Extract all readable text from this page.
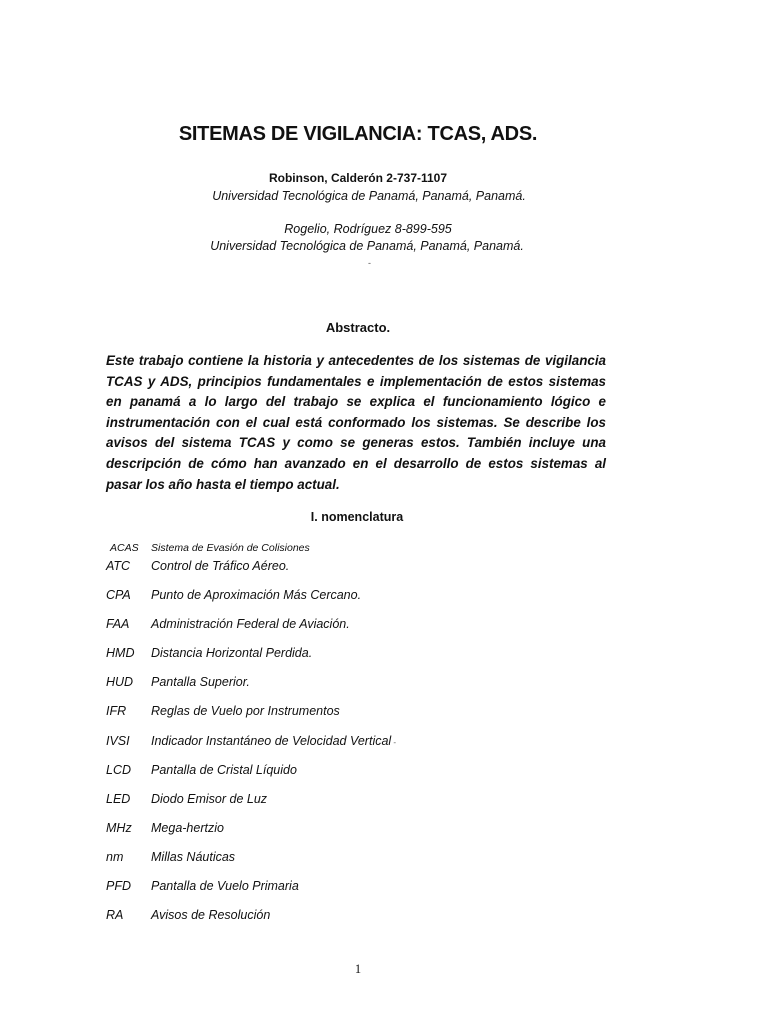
SITEMAS DE VIGILANCIA: TCAS, ADS.
Robinson, Calderón 2-737-1107
Universidad Tecnológica de Panamá, Panamá, Panamá.
Rogelio, Rodríguez 8-899-595
Universidad Tecnológica de Panamá, Panamá, Panamá.
-
Abstracto.
Este trabajo contiene la historia y antecedentes de los sistemas de vigilancia TCAS y ADS, principios fundamentales e implementación de estos sistemas en panamá a lo largo del trabajo se explica el funcionamiento lógico e instrumentación con el cual está conformado los sistemas. Se describe los avisos del sistema TCAS y como se generas estos. También incluye una descripción de cómo han avanzado en el desarrollo de estos sistemas al pasar los año hasta el tiempo actual.
I. nomenclatura
ACAS Sistema de Evasión de Colisiones
ATC Control de Tráfico Aéreo.
CPA Punto de Aproximación Más Cercano.
FAA Administración Federal de Aviación.
HMD Distancia Horizontal Perdida.
HUD Pantalla Superior.
IFR Reglas de Vuelo por Instrumentos
IVSI Indicador Instantáneo de Velocidad Vertical -
LCD Pantalla de Cristal Líquido
LED Diodo Emisor de Luz
MHz Mega-hertzio
nm Millas Náuticas
PFD Pantalla de Vuelo Primaria
RA Avisos de Resolución
1
